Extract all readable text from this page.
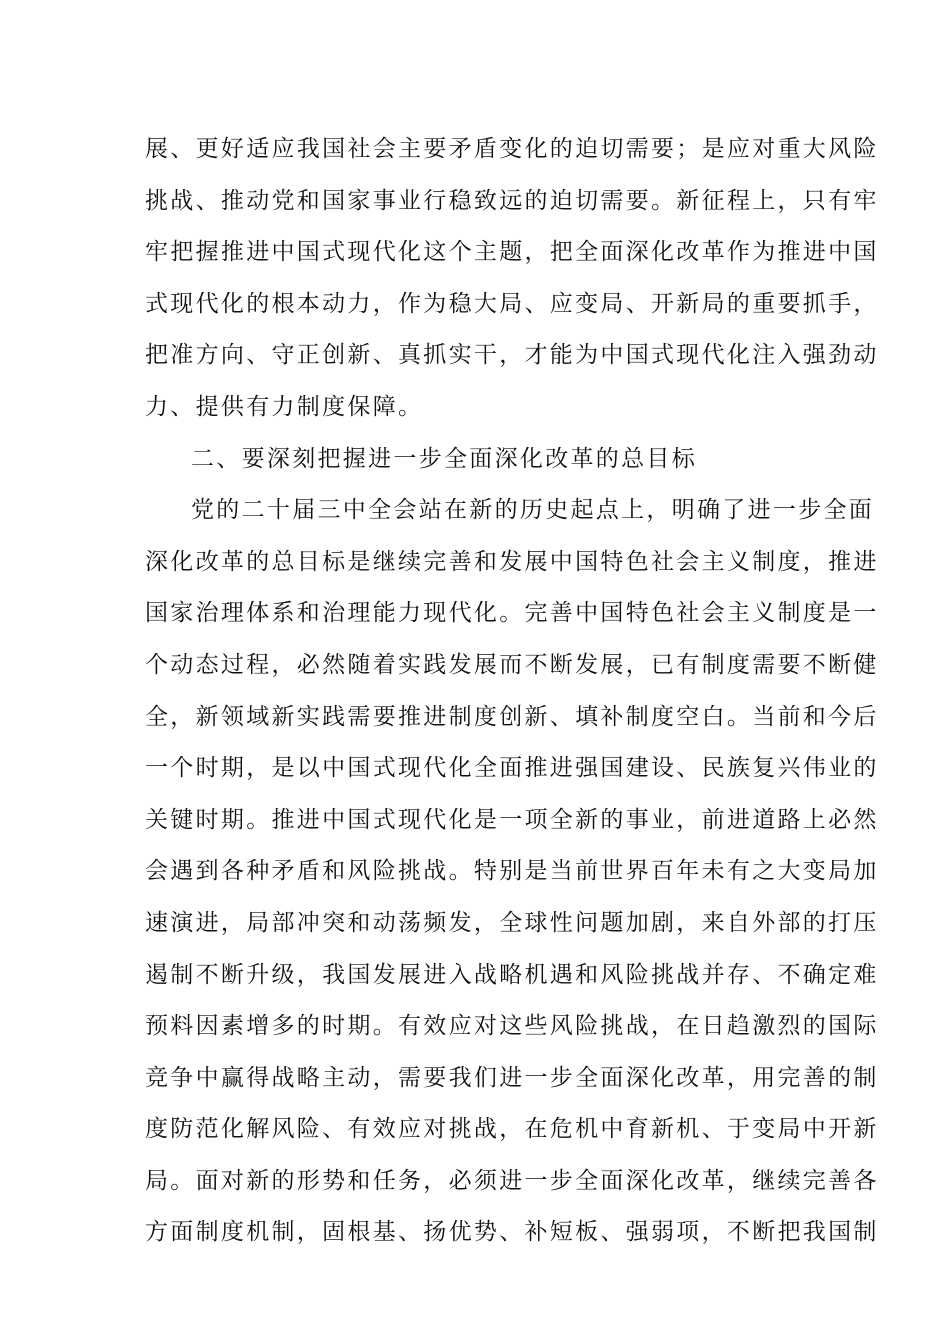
展、更好适应我国社会主要矛盾变化的迫切需要；是应对重大风险
挑战、推动党和国家事业行稳致远的迫切需要。新征程上，只有牢
牢把握推进中国式现代化这个主题，把全面深化改革作为推进中国
式现代化的根本动力，作为稳大局、应变局、开新局的重要抓手，
把准方向、守正创新、真抓实干，才能为中国式现代化注入强劲动
力、提供有力制度保障。

二、要深刻把握进一步全面深化改革的总目标

党的二十届三中全会站在新的历史起点上，明确了进一步全面
深化改革的总目标是继续完善和发展中国特色社会主义制度，推进
国家治理体系和治理能力现代化。完善中国特色社会主义制度是一
个动态过程，必然随着实践发展而不断发展，已有制度需要不断健
全，新领域新实践需要推进制度创新、填补制度空白。当前和今后
一个时期，是以中国式现代化全面推进强国建设、民族复兴伟业的
关键时期。推进中国式现代化是一项全新的事业，前进道路上必然
会遇到各种矛盾和风险挑战。特别是当前世界百年未有之大变局加
速演进，局部冲突和动荡频发，全球性问题加剧，来自外部的打压
遏制不断升级，我国发展进入战略机遇和风险挑战并存、不确定难
预料因素增多的时期。有效应对这些风险挑战，在日趋激烈的国际
竞争中赢得战略主动，需要我们进一步全面深化改革，用完善的制
度防范化解风险、有效应对挑战，在危机中育新机、于变局中开新
局。面对新的形势和任务，必须进一步全面深化改革，继续完善各
方面制度机制，固根基、扬优势、补短板、强弱项，不断把我国制
